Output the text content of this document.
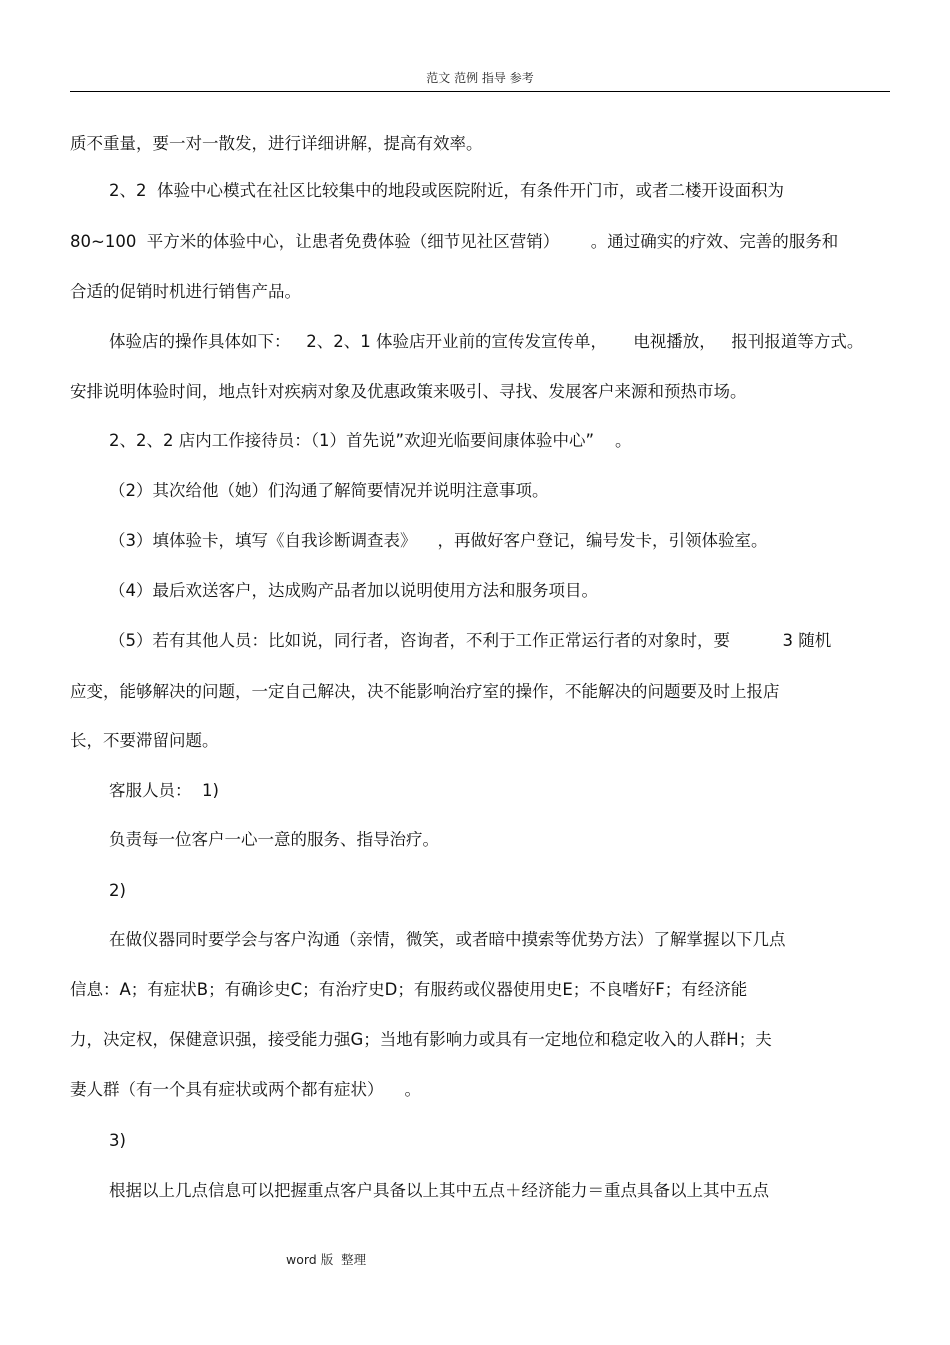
范文 范例 指导 参考
质不重量，要一对一散发，进行详细讲解，提高有效率。
2、2  体验中心模式在社区比较集中的地段或医院附近，有条件开门市，或者二楼开设面积为
80~100  平方米的体验中心，让患者免费体验（细节见社区营销）      。通过确实的疗效、完善的服务和
合适的促销时机进行销售产品。
体验店的操作具体如下：   2、2、1 体验店开业前的宣传发宣传单，     电视播放，   报刊报道等方式。
安排说明体验时间，地点针对疾病对象及优惠政策来吸引、寻找、发展客户来源和预热市场。
2、2、2 店内工作接待员：（1）首先说”欢迎光临要间康体验中心”    。
（2）其次给他（她）们沟通了解简要情况并说明注意事项。
（3）填体验卡，填写《自我诊断调查表》    ，再做好客户登记，编号发卡，引领体验室。
（4）最后欢送客户，达成购产品者加以说明使用方法和服务项目。
（5）若有其他人员：比如说，同行者，咨询者，不利于工作正常运行者的对象时，要          3 随机
应变，能够解决的问题，一定自己解决，决不能影响治疗室的操作，不能解决的问题要及时上报店
长，不要滞留问题。
客服人员：  1)
负责每一位客户一心一意的服务、指导治疗。
2)
在做仪器同时要学会与客户沟通（亲情，微笑，或者暗中摸索等优势方法）了解掌握以下几点
信息：A；有症状B；有确诊史C；有治疗史D；有服药或仪器使用史E；不良嗜好F；有经济能
力，决定权，保健意识强，接受能力强G；当地有影响力或具有一定地位和稳定收入的人群H；夫
妻人群（有一个具有症状或两个都有症状）    。
3)
根据以上几点信息可以把握重点客户具备以上其中五点＋经济能力＝重点具备以上其中五点
word 版  整理
